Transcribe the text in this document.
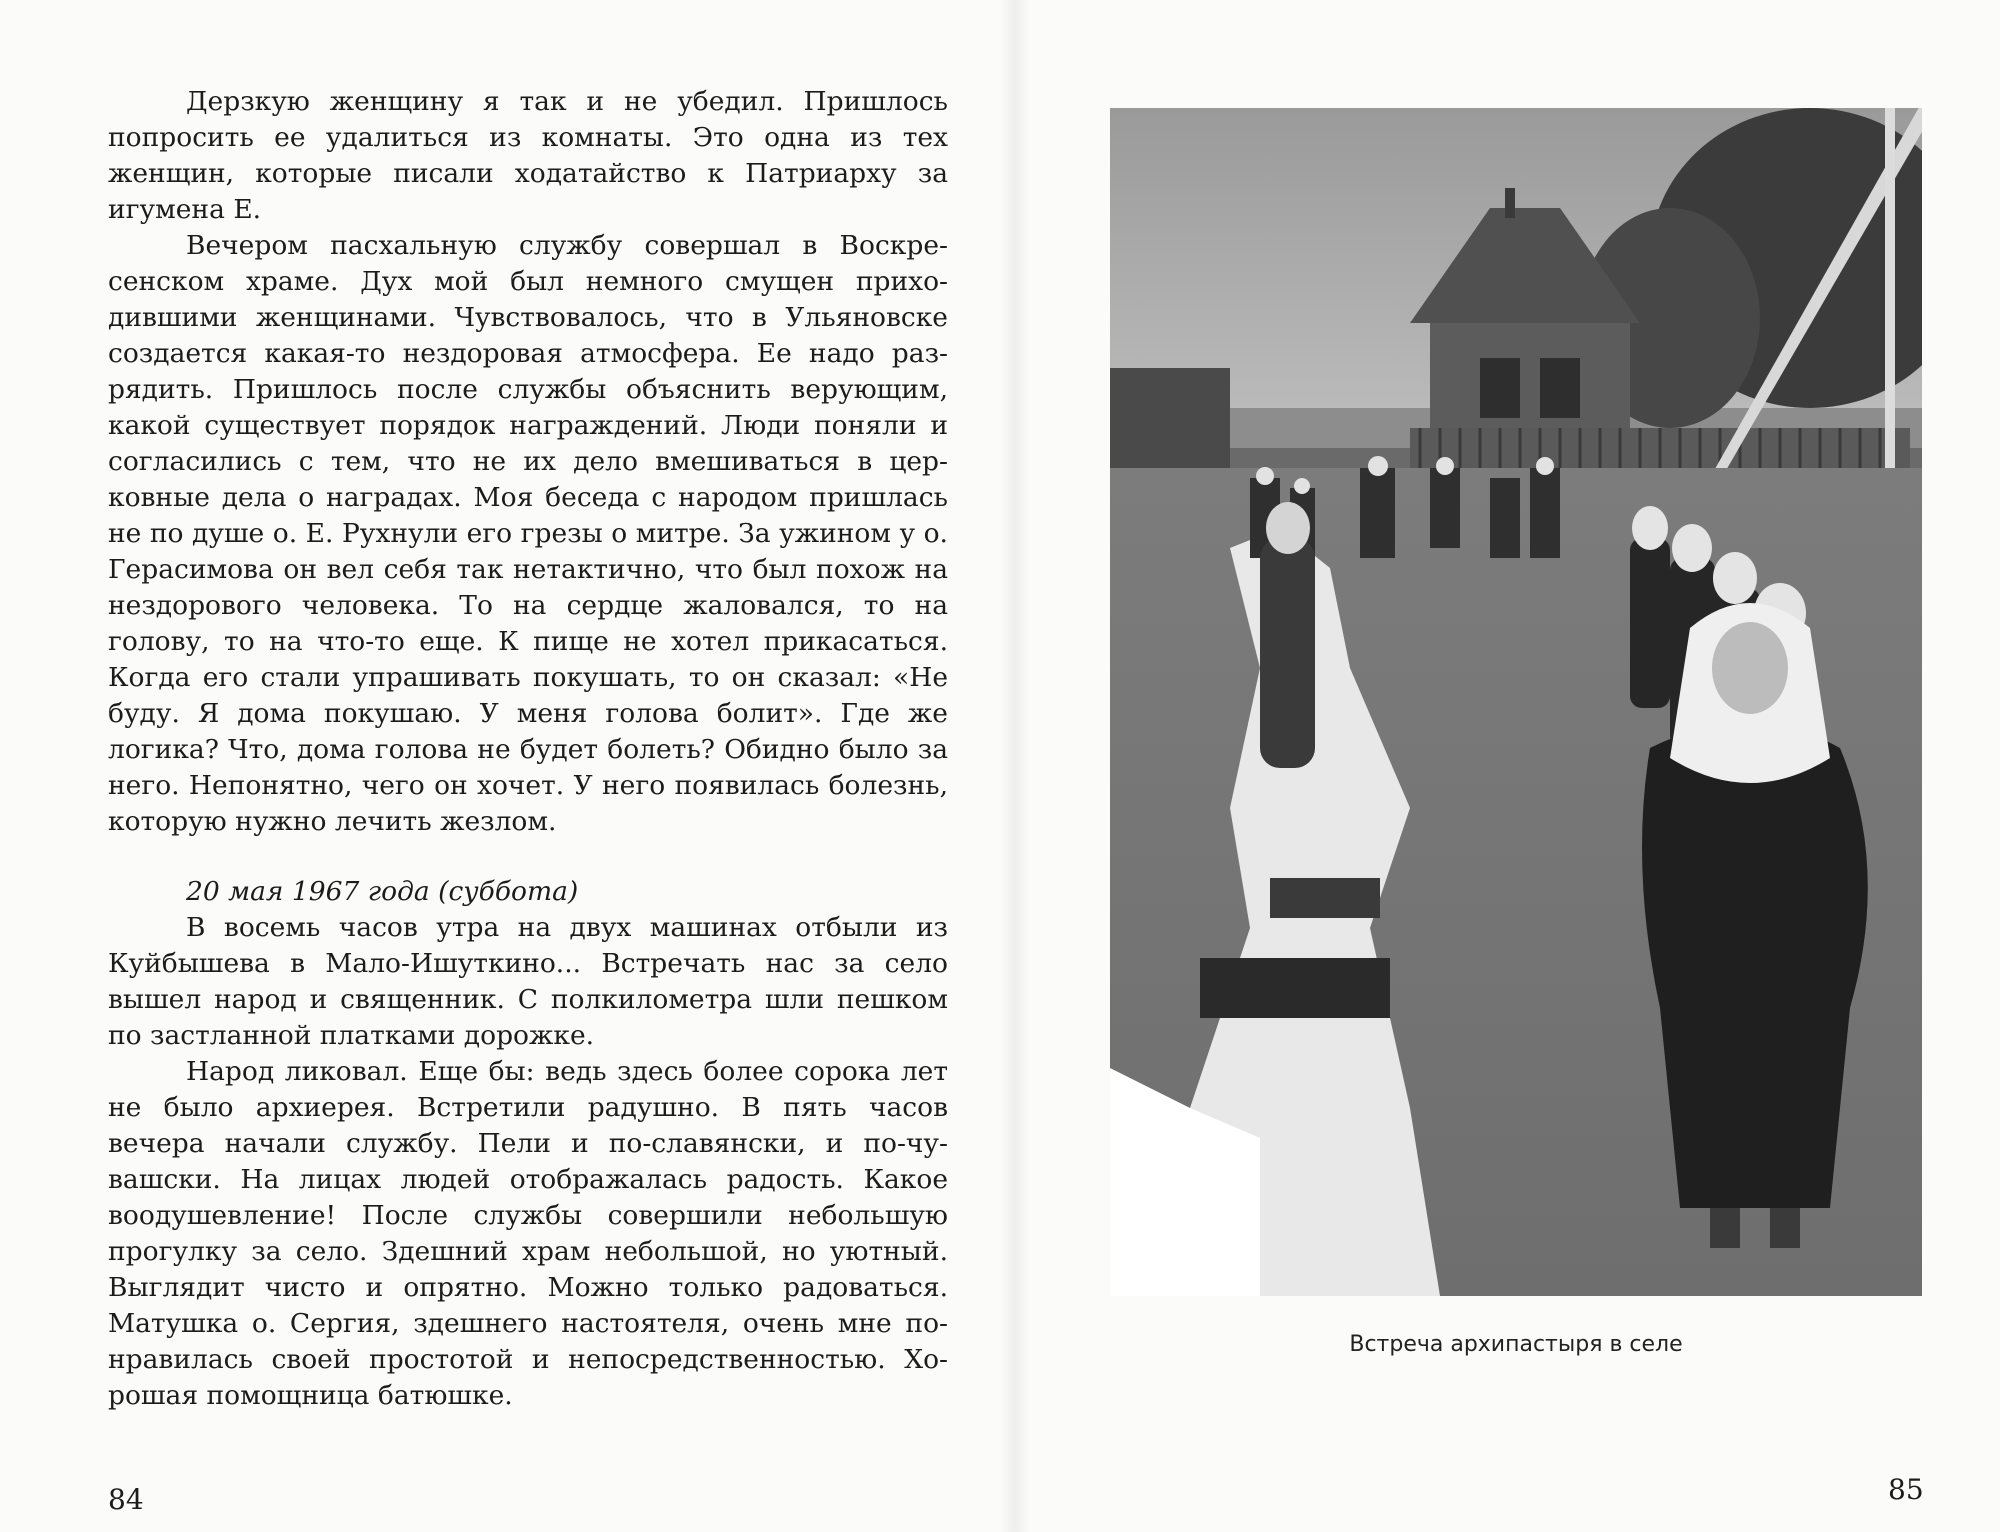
Дерзкую женщину я так и не убедил. Пришлось попросить ее удалиться из комнаты. Это одна из тех женщин, которые писали ходатайство к Патриарху за игумена Е.

Вечером пасхальную службу совершал в Воскресенском храме. Дух мой был немного смущен приходившими женщинами. Чувствовалось, что в Ульяновске создается какая-то нездоровая атмосфера. Ее надо разрядить. Пришлось после службы объяснить верующим, какой существует порядок награждений. Люди поняли и согласились с тем, что не их дело вмешиваться в церковные дела о наградах. Моя беседа с народом пришлась не по душе о. Е. Рухнули его грезы о митре. За ужином у о. Герасимова он вел себя так нетактично, что был похож на нездорового человека. То на сердце жаловался, то на голову, то на что-то еще. К пище не хотел прикасаться. Когда его стали упрашивать покушать, то он сказал: «Не буду. Я дома покушаю. У меня голова болит». Где же логика? Что, дома голова не будет болеть? Обидно было за него. Непонятно, чего он хочет. У него появилась болезнь, которую нужно лечить жезлом.

20 мая 1967 года (суббота)

В восемь часов утра на двух машинах отбыли из Куйбышева в Мало-Ишуткино... Встречать нас за село вышел народ и священник. С полкилометра шли пешком по застланной платками дорожке.

Народ ликовал. Еще бы: ведь здесь более сорока лет не было архиерея. Встретили радушно. В пять часов вечера начали службу. Пели и по-славянски, и по-чувашски. На лицах людей отображалась радость. Какое воодушевление! После службы совершили небольшую прогулку за село. Здешний храм небольшой, но уютный. Выглядит чисто и опрятно. Можно только радоваться. Матушка о. Сергия, здешнего настоятеля, очень мне понравилась своей простотой и непосредственностью. Хорошая помощница батюшке.

84
Встреча архипастыря в селе
85
